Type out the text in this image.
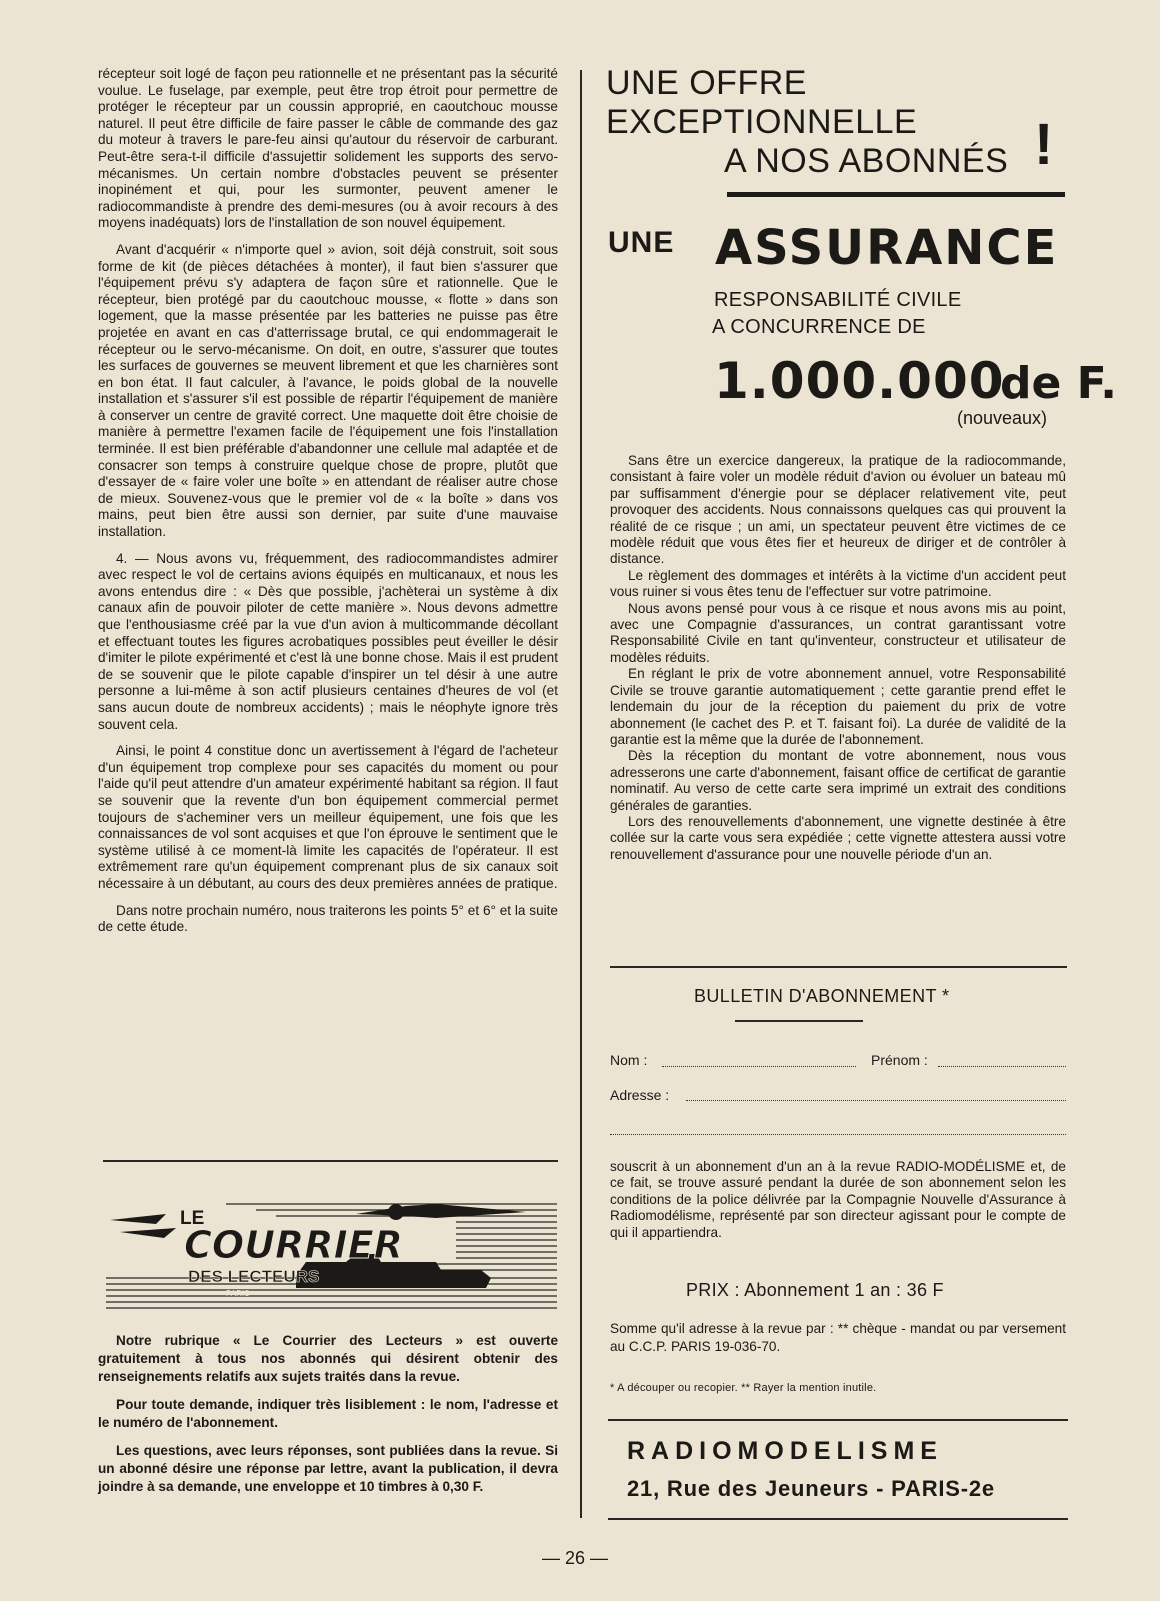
récepteur soit logé de façon peu rationnelle et ne présentant pas la sécurité voulue. Le fuselage, par exemple, peut être trop étroit pour permettre de protéger le récepteur par un coussin approprié, en caoutchouc mousse naturel. Il peut être difficile de faire passer le câble de commande des gaz du moteur à travers le pare-feu ainsi qu'autour du réservoir de carburant. Peut-être sera-t-il difficile d'assujettir solidement les supports des servo-mécanismes. Un certain nombre d'obstacles peuvent se présenter inopinément et qui, pour les surmonter, peuvent amener le radiocommandiste à prendre des demi-mesures (ou à avoir recours à des moyens inadéquats) lors de l'installation de son nouvel équipement.

Avant d'acquérir « n'importe quel » avion, soit déjà construit, soit sous forme de kit (de pièces détachées à monter), il faut bien s'assurer que l'équipement prévu s'y adaptera de façon sûre et rationnelle. Que le récepteur, bien protégé par du caoutchouc mousse, « flotte » dans son logement, que la masse présentée par les batteries ne puisse pas être projetée en avant en cas d'atterrissage brutal, ce qui endommagerait le récepteur ou le servo-mécanisme. On doit, en outre, s'assurer que toutes les surfaces de gouvernes se meuvent librement et que les charnières sont en bon état. Il faut calculer, à l'avance, le poids global de la nouvelle installation et s'assurer s'il est possible de répartir l'équipement de manière à conserver un centre de gravité correct. Une maquette doit être choisie de manière à permettre l'examen facile de l'équipement une fois l'installation terminée. Il est bien préférable d'abandonner une cellule mal adaptée et de consacrer son temps à construire quelque chose de propre, plutôt que d'essayer de « faire voler une boîte » en attendant de réaliser autre chose de mieux. Souvenez-vous que le premier vol de « la boîte » dans vos mains, peut bien être aussi son dernier, par suite d'une mauvaise installation.

4. — Nous avons vu, fréquemment, des radiocommandistes admirer avec respect le vol de certains avions équipés en multicanaux, et nous les avons entendus dire : « Dès que possible, j'achèterai un système à dix canaux afin de pouvoir piloter de cette manière ». Nous devons admettre que l'enthousiasme créé par la vue d'un avion à multicommande décollant et effectuant toutes les figures acrobatiques possibles peut éveiller le désir d'imiter le pilote expérimenté et c'est là une bonne chose. Mais il est prudent de se souvenir que le pilote capable d'inspirer un tel désir à une autre personne a lui-même à son actif plusieurs centaines d'heures de vol (et sans aucun doute de nombreux accidents) ; mais le néophyte ignore très souvent cela.

Ainsi, le point 4 constitue donc un avertissement à l'égard de l'acheteur d'un équipement trop complexe pour ses capacités du moment ou pour l'aide qu'il peut attendre d'un amateur expérimenté habitant sa région. Il faut se souvenir que la revente d'un bon équipement commercial permet toujours de s'acheminer vers un meilleur équipement, une fois que les connaissances de vol sont acquises et que l'on éprouve le sentiment que le système utilisé à ce moment-là limite les capacités de l'opérateur. Il est extrêmement rare qu'un équipement comprenant plus de six canaux soit nécessaire à un débutant, au cours des deux premières années de pratique.

Dans notre prochain numéro, nous traiterons les points 5° et 6° et la suite de cette étude.

LE
COURRIER
DES LECTEURS
PARIS

Notre rubrique « Le Courrier des Lecteurs » est ouverte gratuitement à tous nos abonnés qui désirent obtenir des renseignements relatifs aux sujets traités dans la revue.

Pour toute demande, indiquer très lisiblement : le nom, l'adresse et le numéro de l'abonnement.

Les questions, avec leurs réponses, sont publiées dans la revue. Si un abonné désire une réponse par lettre, avant la publication, il devra joindre à sa demande, une enveloppe et 10 timbres à 0,30 F.

UNE OFFRE
EXCEPTIONNELLE
A NOS ABONNÉS !
UNE ASSURANCE
RESPONSABILITÉ CIVILE
A CONCURRENCE DE
1.000.000
de F.
(nouveaux)

Sans être un exercice dangereux, la pratique de la radiocommande, consistant à faire voler un modèle réduit d'avion ou évoluer un bateau mû par suffisamment d'énergie pour se déplacer relativement vite, peut provoquer des accidents. Nous connaissons quelques cas qui prouvent la réalité de ce risque ; un ami, un spectateur peuvent être victimes de ce modèle réduit que vous êtes fier et heureux de diriger et de contrôler à distance.

Le règlement des dommages et intérêts à la victime d'un accident peut vous ruiner si vous êtes tenu de l'effectuer sur votre patrimoine.

Nous avons pensé pour vous à ce risque et nous avons mis au point, avec une Compagnie d'assurances, un contrat garantissant votre Responsabilité Civile en tant qu'inventeur, constructeur et utilisateur de modèles réduits.

En réglant le prix de votre abonnement annuel, votre Responsabilité Civile se trouve garantie automatiquement ; cette garantie prend effet le lendemain du jour de la réception du paiement du prix de votre abonnement (le cachet des P. et T. faisant foi). La durée de validité de la garantie est la même que la durée de l'abonnement.

Dès la réception du montant de votre abonnement, nous vous adresserons une carte d'abonnement, faisant office de certificat de garantie nominatif. Au verso de cette carte sera imprimé un extrait des conditions générales de garanties.

Lors des renouvellements d'abonnement, une vignette destinée à être collée sur la carte vous sera expédiée ; cette vignette attestera aussi votre renouvellement d'assurance pour une nouvelle période d'un an.

BULLETIN D'ABONNEMENT *
Nom :	Prénom :
Adresse :

souscrit à un abonnement d'un an à la revue RADIO-MODÉLISME et, de ce fait, se trouve assuré pendant la durée de son abonnement selon les conditions de la police délivrée par la Compagnie Nouvelle d'Assurance à Radiomodélisme, représenté par son directeur agissant pour le compte de qui il appartiendra.

PRIX : Abonnement 1 an : 36 F

Somme qu'il adresse à la revue par : ** chèque - mandat ou par versement au C.C.P. PARIS 19-036-70.

* A découper ou recopier. ** Rayer la mention inutile.
RADIOMODELISME
21, Rue des Jeuneurs - PARIS-2e
— 26 —
